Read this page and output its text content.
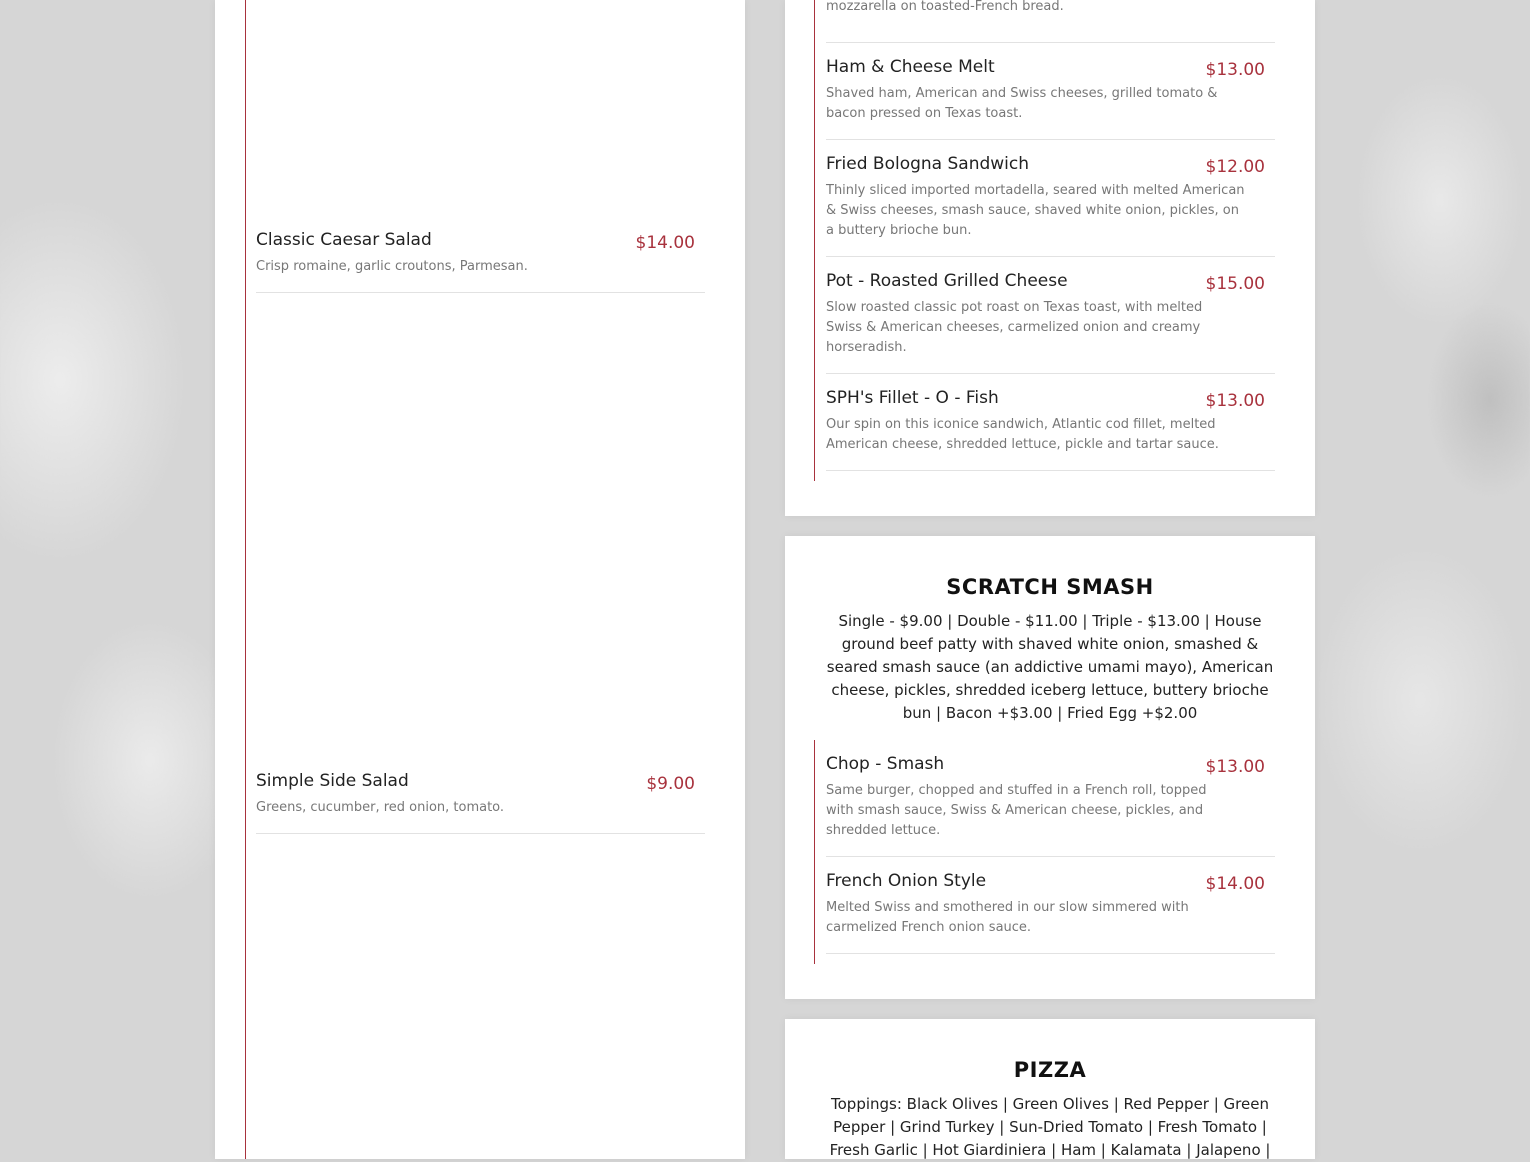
Classic Caesar Salad	$14.00

Crisp romaine, garlic croutons, Parmesan.

Simple Side Salad	$9.00

Greens, cucumber, red onion, tomato.

mozzarella on toasted-French bread.

Ham & Cheese Melt	$13.00

Shaved ham, American and Swiss cheeses, grilled tomato & bacon pressed on Texas toast.

Fried Bologna Sandwich	$12.00

Thinly sliced imported mortadella, seared with melted American & Swiss cheeses, smash sauce, shaved white onion, pickles, on a buttery brioche bun.

Pot - Roasted Grilled Cheese	$15.00

Slow roasted classic pot roast on Texas toast, with melted Swiss & American cheeses, carmelized onion and creamy horseradish.

SPH's Fillet - O - Fish	$13.00

Our spin on this iconice sandwich, Atlantic cod fillet, melted American cheese, shredded lettuce, pickle and tartar sauce.

SCRATCH SMASH

Single - $9.00 | Double - $11.00 | Triple - $13.00 | House ground beef patty with shaved white onion, smashed & seared smash sauce (an addictive umami mayo), American cheese, pickles, shredded iceberg lettuce, buttery brioche bun | Bacon +$3.00 | Fried Egg +$2.00

Chop - Smash	$13.00

Same burger, chopped and stuffed in a French roll, topped with smash sauce, Swiss & American cheese, pickles, and shredded lettuce.

French Onion Style	$14.00

Melted Swiss and smothered in our slow simmered with carmelized French onion sauce.

PIZZA

Toppings: Black Olives | Green Olives | Red Pepper | Green Pepper | Grind Turkey | Sun-Dried Tomato | Fresh Tomato | Fresh Garlic | Hot Giardiniera | Ham | Kalamata | Jalapeno |
